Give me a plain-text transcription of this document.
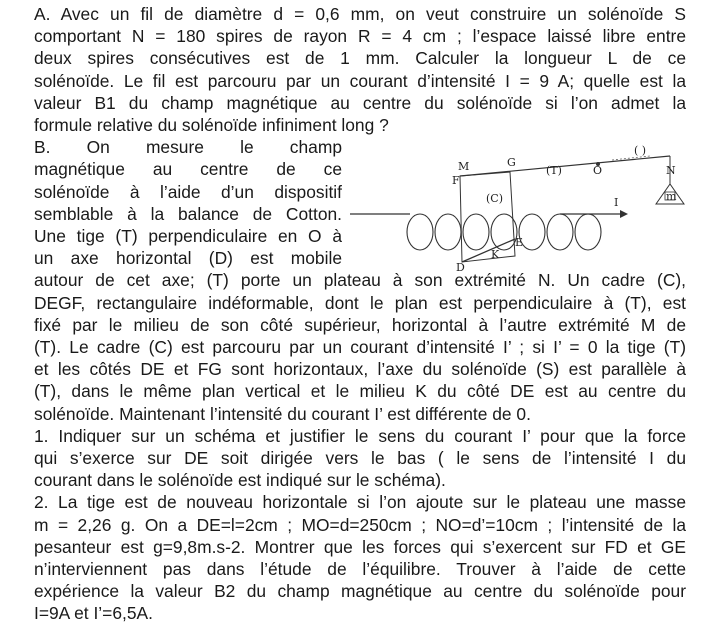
A. Avec un fil de diamètre d = 0,6 mm, on veut construire un solénoïde S
comportant N = 180 spires de rayon R = 4 cm ; l’espace laissé libre entre
deux spires consécutives est de 1 mm. Calculer la longueur L de ce
solénoïde. Le fil est parcouru par un courant d’intensité I = 9 A; quelle est la
valeur B1 du champ magnétique au centre du solénoïde si l’on admet la
formule relative du solénoïde infiniment long ?
B. On mesure le champ
magnétique au centre de ce
solénoïde à l’aide d’un dispositif
semblable à la balance de Cotton.
Une tige (T) perpendiculaire en O à
un axe horizontal (D) est mobile
autour de cet axe; (T) porte un plateau à son extrémité N. Un cadre (C),
DEGF, rectangulaire indéformable, dont le plan est perpendiculaire à (T), est
fixé par le milieu de son côté supérieur, horizontal à l’autre extrémité M de
(T). Le cadre (C) est parcouru par un courant d’intensité I’ ; si I’ = 0 la tige (T)
et les côtés DE et FG sont horizontaux, l’axe du solénoïde (S) est parallèle à
(T), dans le même plan vertical et le milieu K du côté DE est au centre du
solénoïde. Maintenant l’intensité du courant I’ est différente de 0.
1. Indiquer sur un schéma et justifier le sens du courant I’ pour que la force
qui s’exerce sur DE soit dirigée vers le bas ( le sens de l’intensité I du
courant dans le solénoïde est indiqué sur le schéma).
2. La tige est de nouveau horizontale si l’on ajoute sur le plateau une masse
m = 2,26 g. On a DE=l=2cm ; MO=d=250cm ; NO=d’=10cm ; l’intensité de la
pesanteur est g=9,8m.s-2. Montrer que les forces qui s’exercent sur FD et GE
n’interviennent pas dans l’étude de l’équilibre. Trouver à l’aide de cette
expérience la valeur B2 du champ magnétique au centre du solénoïde pour
I=9A et I’=6,5A.
M	G
(T)	O
( )
N
F
(C)	m
I
E
K
D
